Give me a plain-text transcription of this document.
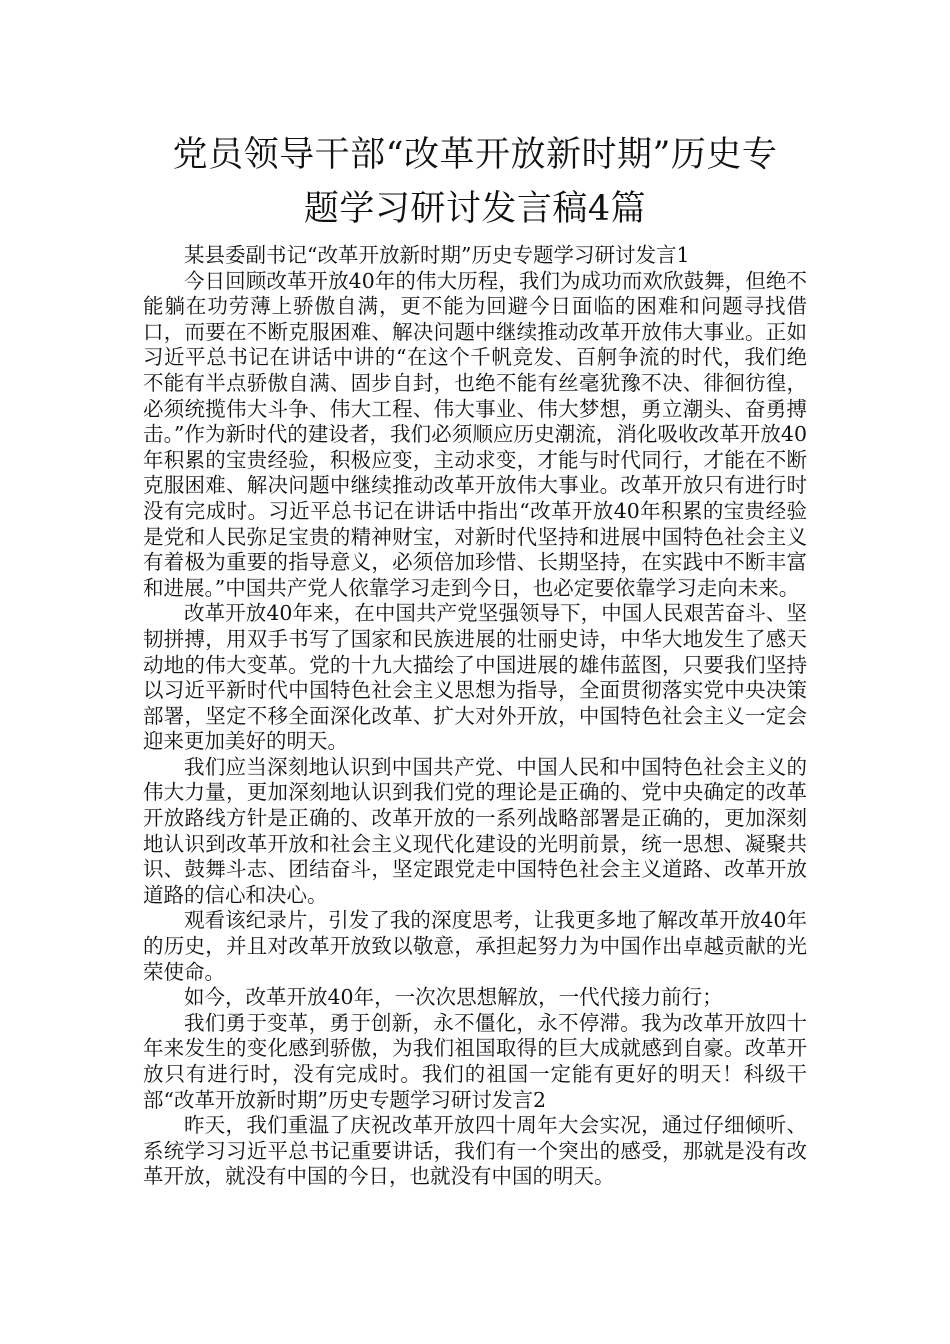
党员领导干部“改革开放新时期”历史专
题学习研讨发言稿4篇

某县委副书记“改革开放新时期”历史专题学习研讨发言1

今日回顾改革开放40年的伟大历程，我们为成功而欢欣鼓舞，但绝不能躺在功劳薄上骄傲自满，更不能为回避今日面临的困难和问题寻找借口，而要在不断克服困难、解决问题中继续推动改革开放伟大事业。正如习近平总书记在讲话中讲的“在这个千帆竞发、百舸争流的时代，我们绝不能有半点骄傲自满、固步自封，也绝不能有丝毫犹豫不决、徘徊彷徨，必须统揽伟大斗争、伟大工程、伟大事业、伟大梦想，勇立潮头、奋勇搏击。”作为新时代的建设者，我们必须顺应历史潮流，消化吸收改革开放40年积累的宝贵经验，积极应变，主动求变，才能与时代同行，才能在不断克服困难、解决问题中继续推动改革开放伟大事业。改革开放只有进行时没有完成时。习近平总书记在讲话中指出“改革开放40年积累的宝贵经验是党和人民弥足宝贵的精神财宝，对新时代坚持和进展中国特色社会主义有着极为重要的指导意义，必须倍加珍惜、长期坚持，在实践中不断丰富和进展。”中国共产党人依靠学习走到今日，也必定要依靠学习走向未来。

改革开放40年来，在中国共产党坚强领导下，中国人民艰苦奋斗、坚韧拼搏，用双手书写了国家和民族进展的壮丽史诗，中华大地发生了感天动地的伟大变革。党的十九大描绘了中国进展的雄伟蓝图，只要我们坚持以习近平新时代中国特色社会主义思想为指导，全面贯彻落实党中央决策部署，坚定不移全面深化改革、扩大对外开放，中国特色社会主义一定会迎来更加美好的明天。

我们应当深刻地认识到中国共产党、中国人民和中国特色社会主义的伟大力量，更加深刻地认识到我们党的理论是正确的、党中央确定的改革开放路线方针是正确的、改革开放的一系列战略部署是正确的，更加深刻地认识到改革开放和社会主义现代化建设的光明前景，统一思想、凝聚共识、鼓舞斗志、团结奋斗，坚定跟党走中国特色社会主义道路、改革开放道路的信心和决心。

观看该纪录片，引发了我的深度思考，让我更多地了解改革开放40年的历史，并且对改革开放致以敬意，承担起努力为中国作出卓越贡献的光荣使命。

如今，改革开放40年，一次次思想解放，一代代接力前行；

我们勇于变革，勇于创新，永不僵化，永不停滞。我为改革开放四十年来发生的变化感到骄傲，为我们祖国取得的巨大成就感到自豪。改革开放只有进行时，没有完成时。我们的祖国一定能有更好的明天！科级干部“改革开放新时期”历史专题学习研讨发言2

昨天，我们重温了庆祝改革开放四十周年大会实况，通过仔细倾听、系统学习习近平总书记重要讲话，我们有一个突出的感受，那就是没有改革开放，就没有中国的今日，也就没有中国的明天。
